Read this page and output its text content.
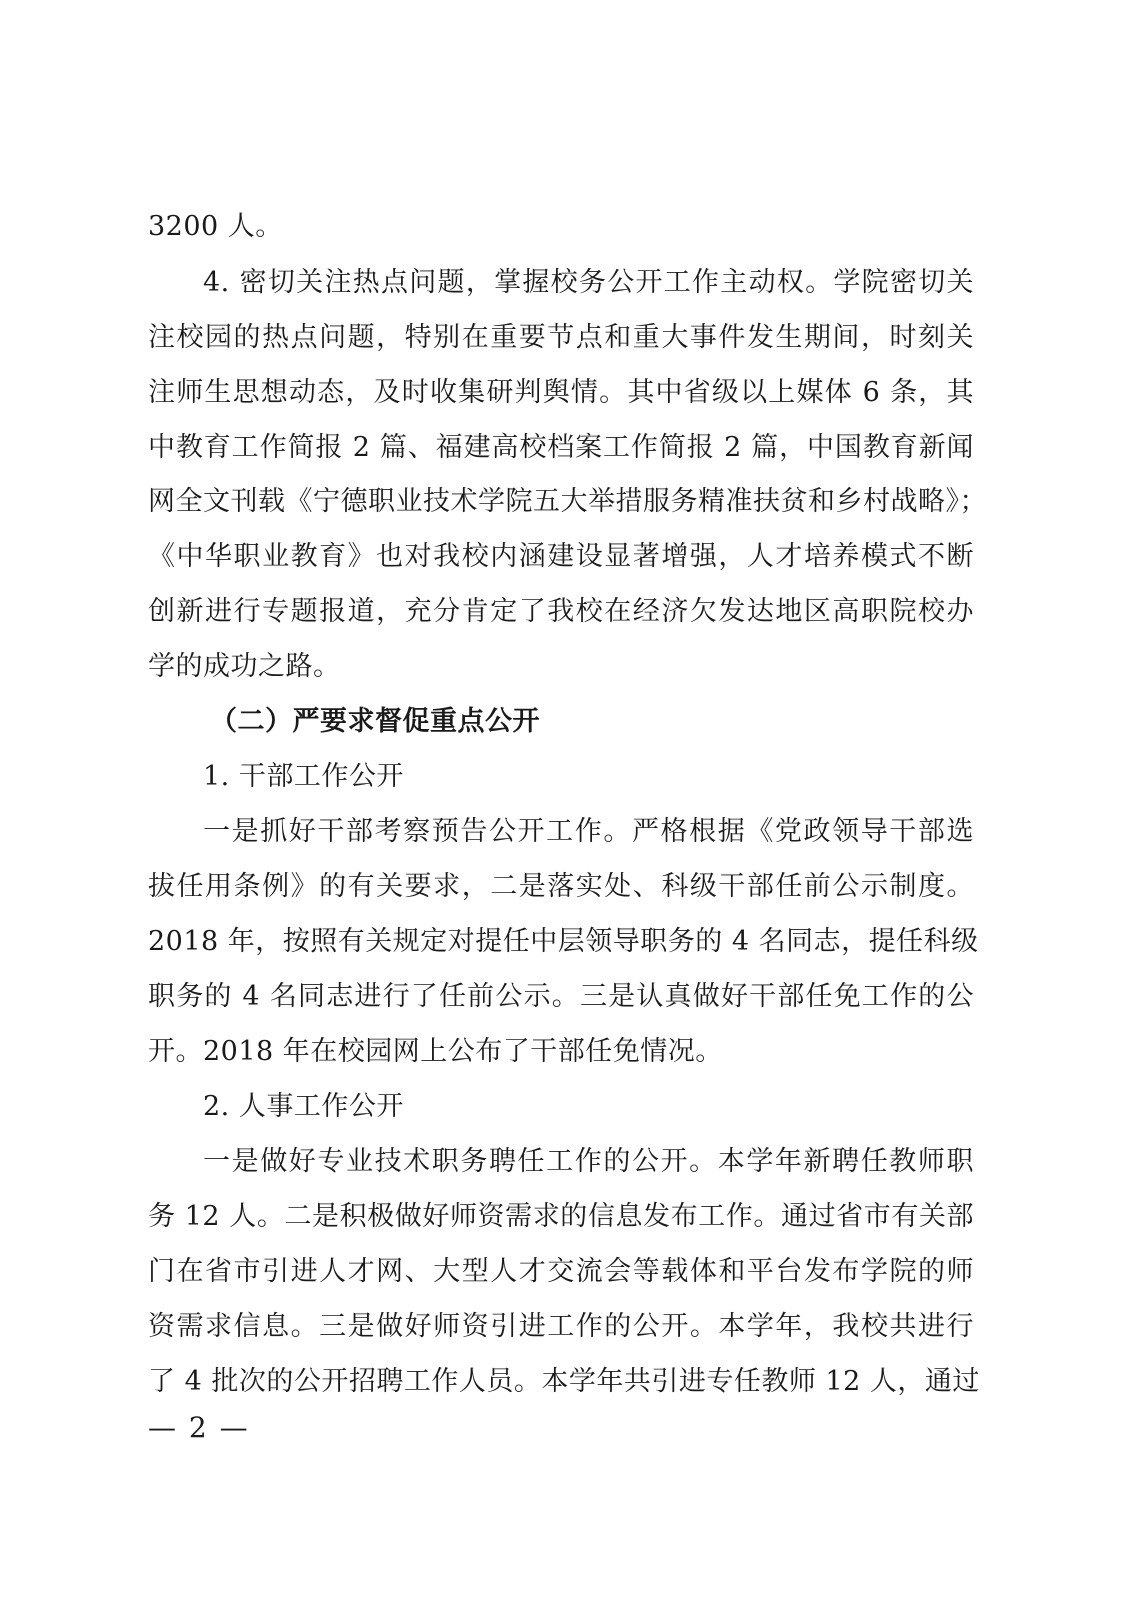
3200 人。
4. 密切关注热点问题，掌握校务公开工作主动权。学院密切关
注校园的热点问题，特别在重要节点和重大事件发生期间，时刻关
注师生思想动态，及时收集研判舆情。其中省级以上媒体 6 条，其
中教育工作简报 2 篇、福建高校档案工作简报 2 篇，中国教育新闻
网全文刊载《宁德职业技术学院五大举措服务精准扶贫和乡村战略》；
《中华职业教育》也对我校内涵建设显著增强，人才培养模式不断
创新进行专题报道，充分肯定了我校在经济欠发达地区高职院校办
学的成功之路。
（二）严要求督促重点公开
1. 干部工作公开
一是抓好干部考察预告公开工作。严格根据《党政领导干部选
拔任用条例》的有关要求，二是落实处、科级干部任前公示制度。
2018 年，按照有关规定对提任中层领导职务的 4 名同志，提任科级
职务的 4 名同志进行了任前公示。三是认真做好干部任免工作的公
开。2018 年在校园网上公布了干部任免情况。
2. 人事工作公开
一是做好专业技术职务聘任工作的公开。本学年新聘任教师职
务 12 人。二是积极做好师资需求的信息发布工作。通过省市有关部
门在省市引进人才网、大型人才交流会等载体和平台发布学院的师
资需求信息。三是做好师资引进工作的公开。本学年，我校共进行
了 4 批次的公开招聘工作人员。本学年共引进专任教师 12 人，通过
— 2 —
